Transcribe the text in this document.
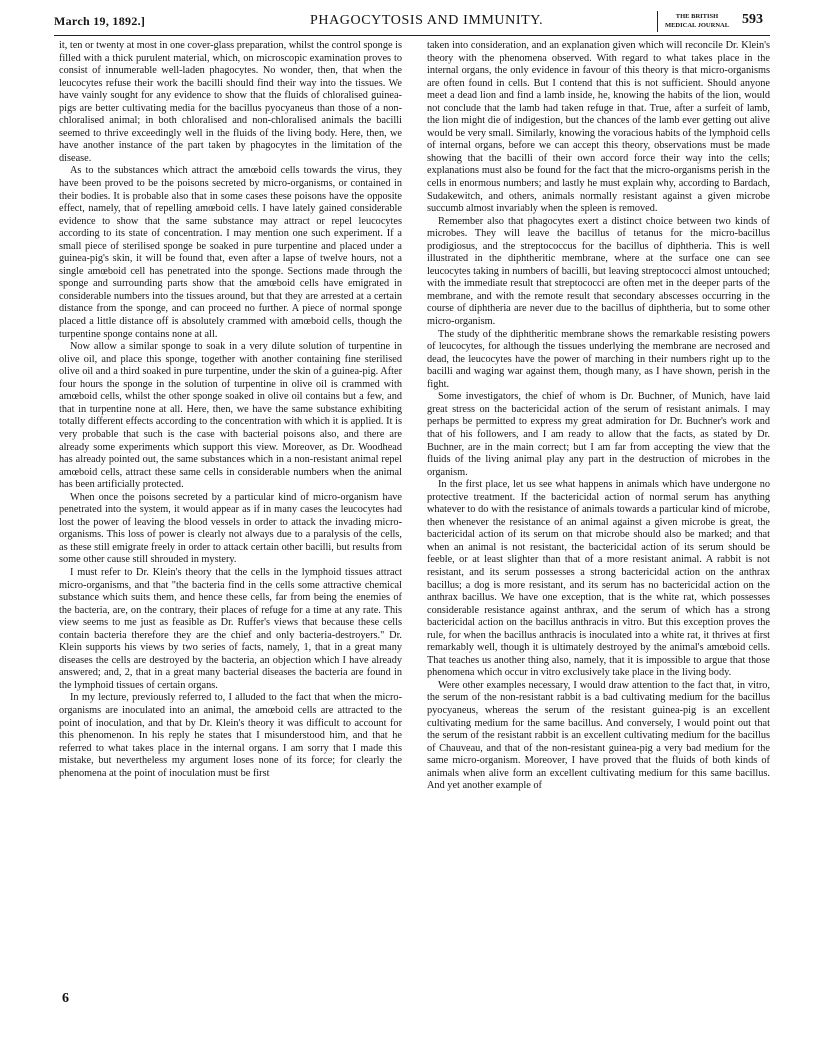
March 19, 1892.]	PHAGOCYTOSIS AND IMMUNITY.	THE BRITISH
MEDICAL JOURNAL 593

it, ten or twenty at most in one cover-glass preparation, whilst the control sponge is filled with a thick purulent material, which, on microscopic examination proves to consist of innumerable well-laden phagocytes. No wonder, then, that when the leucocytes refuse their work the bacilli should find their way into the tissues. We have vainly sought for any evidence to show that the fluids of chloralised guinea-pigs are better cultivating media for the bacillus pyocyaneus than those of a non-chloralised animal; in both chloralised and non-chloralised animals the bacilli seemed to thrive exceedingly well in the fluids of the living body. Here, then, we have another instance of the part taken by phagocytes in the limitation of the disease.

As to the substances which attract the amœboid cells towards the virus, they have been proved to be the poisons secreted by micro-organisms, or contained in their bodies. It is probable also that in some cases these poisons have the opposite effect, namely, that of repelling amœboid cells. I have lately gained considerable evidence to show that the same substance may attract or repel leucocytes according to its state of concentration. I may mention one such experiment. If a small piece of sterilised sponge be soaked in pure turpentine and placed under a guinea-pig's skin, it will be found that, even after a lapse of twelve hours, not a single amœboid cell has penetrated into the sponge. Sections made through the sponge and surrounding parts show that the amœboid cells have emigrated in considerable numbers into the tissues around, but that they are arrested at a certain distance from the sponge, and can proceed no further. A piece of normal sponge placed a little distance off is absolutely crammed with amœboid cells, though the turpentine sponge contains none at all.

Now allow a similar sponge to soak in a very dilute solution of turpentine in olive oil, and place this sponge, together with another containing fine sterilised olive oil and a third soaked in pure turpentine, under the skin of a guinea-pig. After four hours the sponge in the solution of turpentine in olive oil is crammed with amœboid cells, whilst the other sponge soaked in olive oil contains but a few, and that in turpentine none at all. Here, then, we have the same substance exhibiting totally different effects according to the concentration with which it is applied. It is very probable that such is the case with bacterial poisons also, and there are already some experiments which support this view. Moreover, as Dr. Woodhead has already pointed out, the same substances which in a non-resistant animal repel amœboid cells, attract these same cells in considerable numbers when the animal has been artificially protected.

When once the poisons secreted by a particular kind of micro-organism have penetrated into the system, it would appear as if in many cases the leucocytes had lost the power of leaving the blood vessels in order to attack the invading micro-organisms. This loss of power is clearly not always due to a paralysis of the cells, as these still emigrate freely in order to attack certain other bacilli, but results from some other cause still shrouded in mystery.

I must refer to Dr. Klein's theory that the cells in the lymphoid tissues attract micro-organisms, and that "the bacteria find in the cells some attractive chemical substance which suits them, and hence these cells, far from being the enemies of the bacteria, are, on the contrary, their places of refuge for a time at any rate. This view seems to me just as feasible as Dr. Ruffer's views that because these cells contain bacteria therefore they are the chief and only bacteria-destroyers." Dr. Klein supports his views by two series of facts, namely, 1, that in a great many diseases the cells are destroyed by the bacteria, an objection which I have already answered; and, 2, that in a great many bacterial diseases the bacteria are found in the lymphoid tissues of certain organs.

In my lecture, previously referred to, I alluded to the fact that when the micro-organisms are inoculated into an animal, the amœboid cells are attracted to the point of inoculation, and that by Dr. Klein's theory it was difficult to account for this phenomenon. In his reply he states that I misunderstood him, and that he referred to what takes place in the internal organs. I am sorry that I made this mistake, but nevertheless my argument loses none of its force; for clearly the phenomena at the point of inoculation must be first

taken into consideration, and an explanation given which will reconcile Dr. Klein's theory with the phenomena observed. With regard to what takes place in the internal organs, the only evidence in favour of this theory is that micro-organisms are often found in cells. But I contend that this is not sufficient. Should anyone meet a dead lion and find a lamb inside, he, knowing the habits of the lion, would not conclude that the lamb had taken refuge in that. True, after a surfeit of lamb, the lion might die of indigestion, but the chances of the lamb ever getting out alive would be very small. Similarly, knowing the voracious habits of the lymphoid cells of internal organs, before we can accept this theory, observations must be made showing that the bacilli of their own accord force their way into the cells; explanations must also be found for the fact that the micro-organisms perish in the cells in enormous numbers; and lastly he must explain why, according to Bardach, Sudakewitch, and others, animals normally resistant against a given microbe succumb almost invariably when the spleen is removed.

Remember also that phagocytes exert a distinct choice between two kinds of microbes. They will leave the bacillus of tetanus for the micro-bacillus prodigiosus, and the streptococcus for the bacillus of diphtheria. This is well illustrated in the diphtheritic membrane, where at the surface one can see leucocytes taking in numbers of bacilli, but leaving streptococci almost untouched; with the immediate result that streptococci are often met in the deeper parts of the membrane, and with the remote result that secondary abscesses occurring in the course of diphtheria are never due to the bacillus of diphtheria, but to some other micro-organism.

The study of the diphtheritic membrane shows the remarkable resisting powers of leucocytes, for although the tissues underlying the membrane are necrosed and dead, the leucocytes have the power of marching in their numbers right up to the bacilli and waging war against them, though many, as I have shown, perish in the fight.

Some investigators, the chief of whom is Dr. Buchner, of Munich, have laid great stress on the bactericidal action of the serum of resistant animals. I may perhaps be permitted to express my great admiration for Dr. Buchner's work and that of his followers, and I am ready to allow that the facts, as stated by Dr. Buchner, are in the main correct; but I am far from accepting the view that the fluids of the living animal play any part in the destruction of microbes in the organism.

In the first place, let us see what happens in animals which have undergone no protective treatment. If the bactericidal action of normal serum has anything whatever to do with the resistance of animals towards a particular kind of microbe, then whenever the resistance of an animal against a given microbe is great, the bactericidal action of its serum on that microbe should also be marked; and that when an animal is not resistant, the bactericidal action of its serum should be feeble, or at least slighter than that of a more resistant animal. A rabbit is not resistant, and its serum possesses a strong bactericidal action on the anthrax bacillus; a dog is more resistant, and its serum has no bactericidal action on the anthrax bacillus. We have one exception, that is the white rat, which possesses considerable resistance against anthrax, and the serum of which has a strong bactericidal action on the bacillus anthracis in vitro. But this exception proves the rule, for when the bacillus anthracis is inoculated into a white rat, it thrives at first remarkably well, though it is ultimately destroyed by the animal's amœboid cells. That teaches us another thing also, namely, that it is impossible to argue that those phenomena which occur in vitro exclusively take place in the living body.

Were other examples necessary, I would draw attention to the fact that, in vitro, the serum of the non-resistant rabbit is a bad cultivating medium for the bacillus pyocyaneus, whereas the serum of the resistant guinea-pig is an excellent cultivating medium for the same bacillus. And conversely, I would point out that the serum of the resistant rabbit is an excellent cultivating medium for the bacillus of Chauveau, and that of the non-resistant guinea-pig a very bad medium for the same micro-organism. Moreover, I have proved that the fluids of both kinds of animals when alive form an excellent cultivating medium for this same bacillus. And yet another example of

6
